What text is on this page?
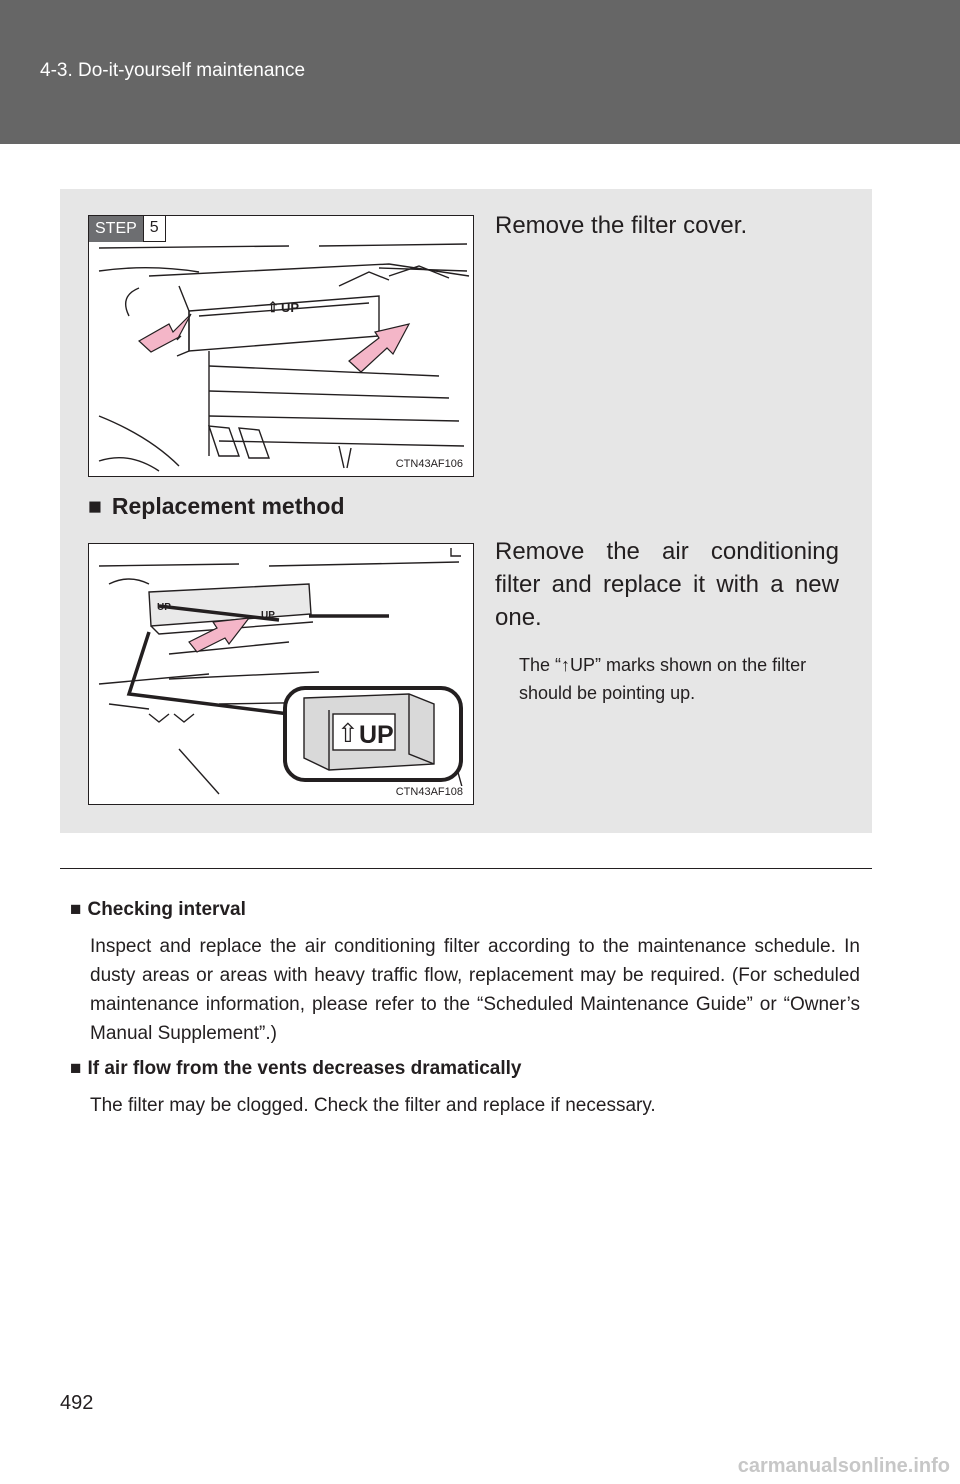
4-3. Do-it-yourself maintenance
STEP 5
⇧ UP
CTN43AF106
Remove the filter cover.
■ Replacement method
⇧ UP
UP
UP
CTN43AF108
Remove the air conditioning filter and replace it with a new one.
The “↑UP” marks shown on the filter should be pointing up.
■ Checking interval
Inspect and replace the air conditioning filter according to the maintenance schedule. In dusty areas or areas with heavy traffic flow, replacement may be required. (For scheduled maintenance information, please refer to the “Scheduled Maintenance Guide” or “Owner’s Manual Supplement”.)
■ If air flow from the vents decreases dramatically
The filter may be clogged. Check the filter and replace if necessary.
492
carmanualsonline.info
